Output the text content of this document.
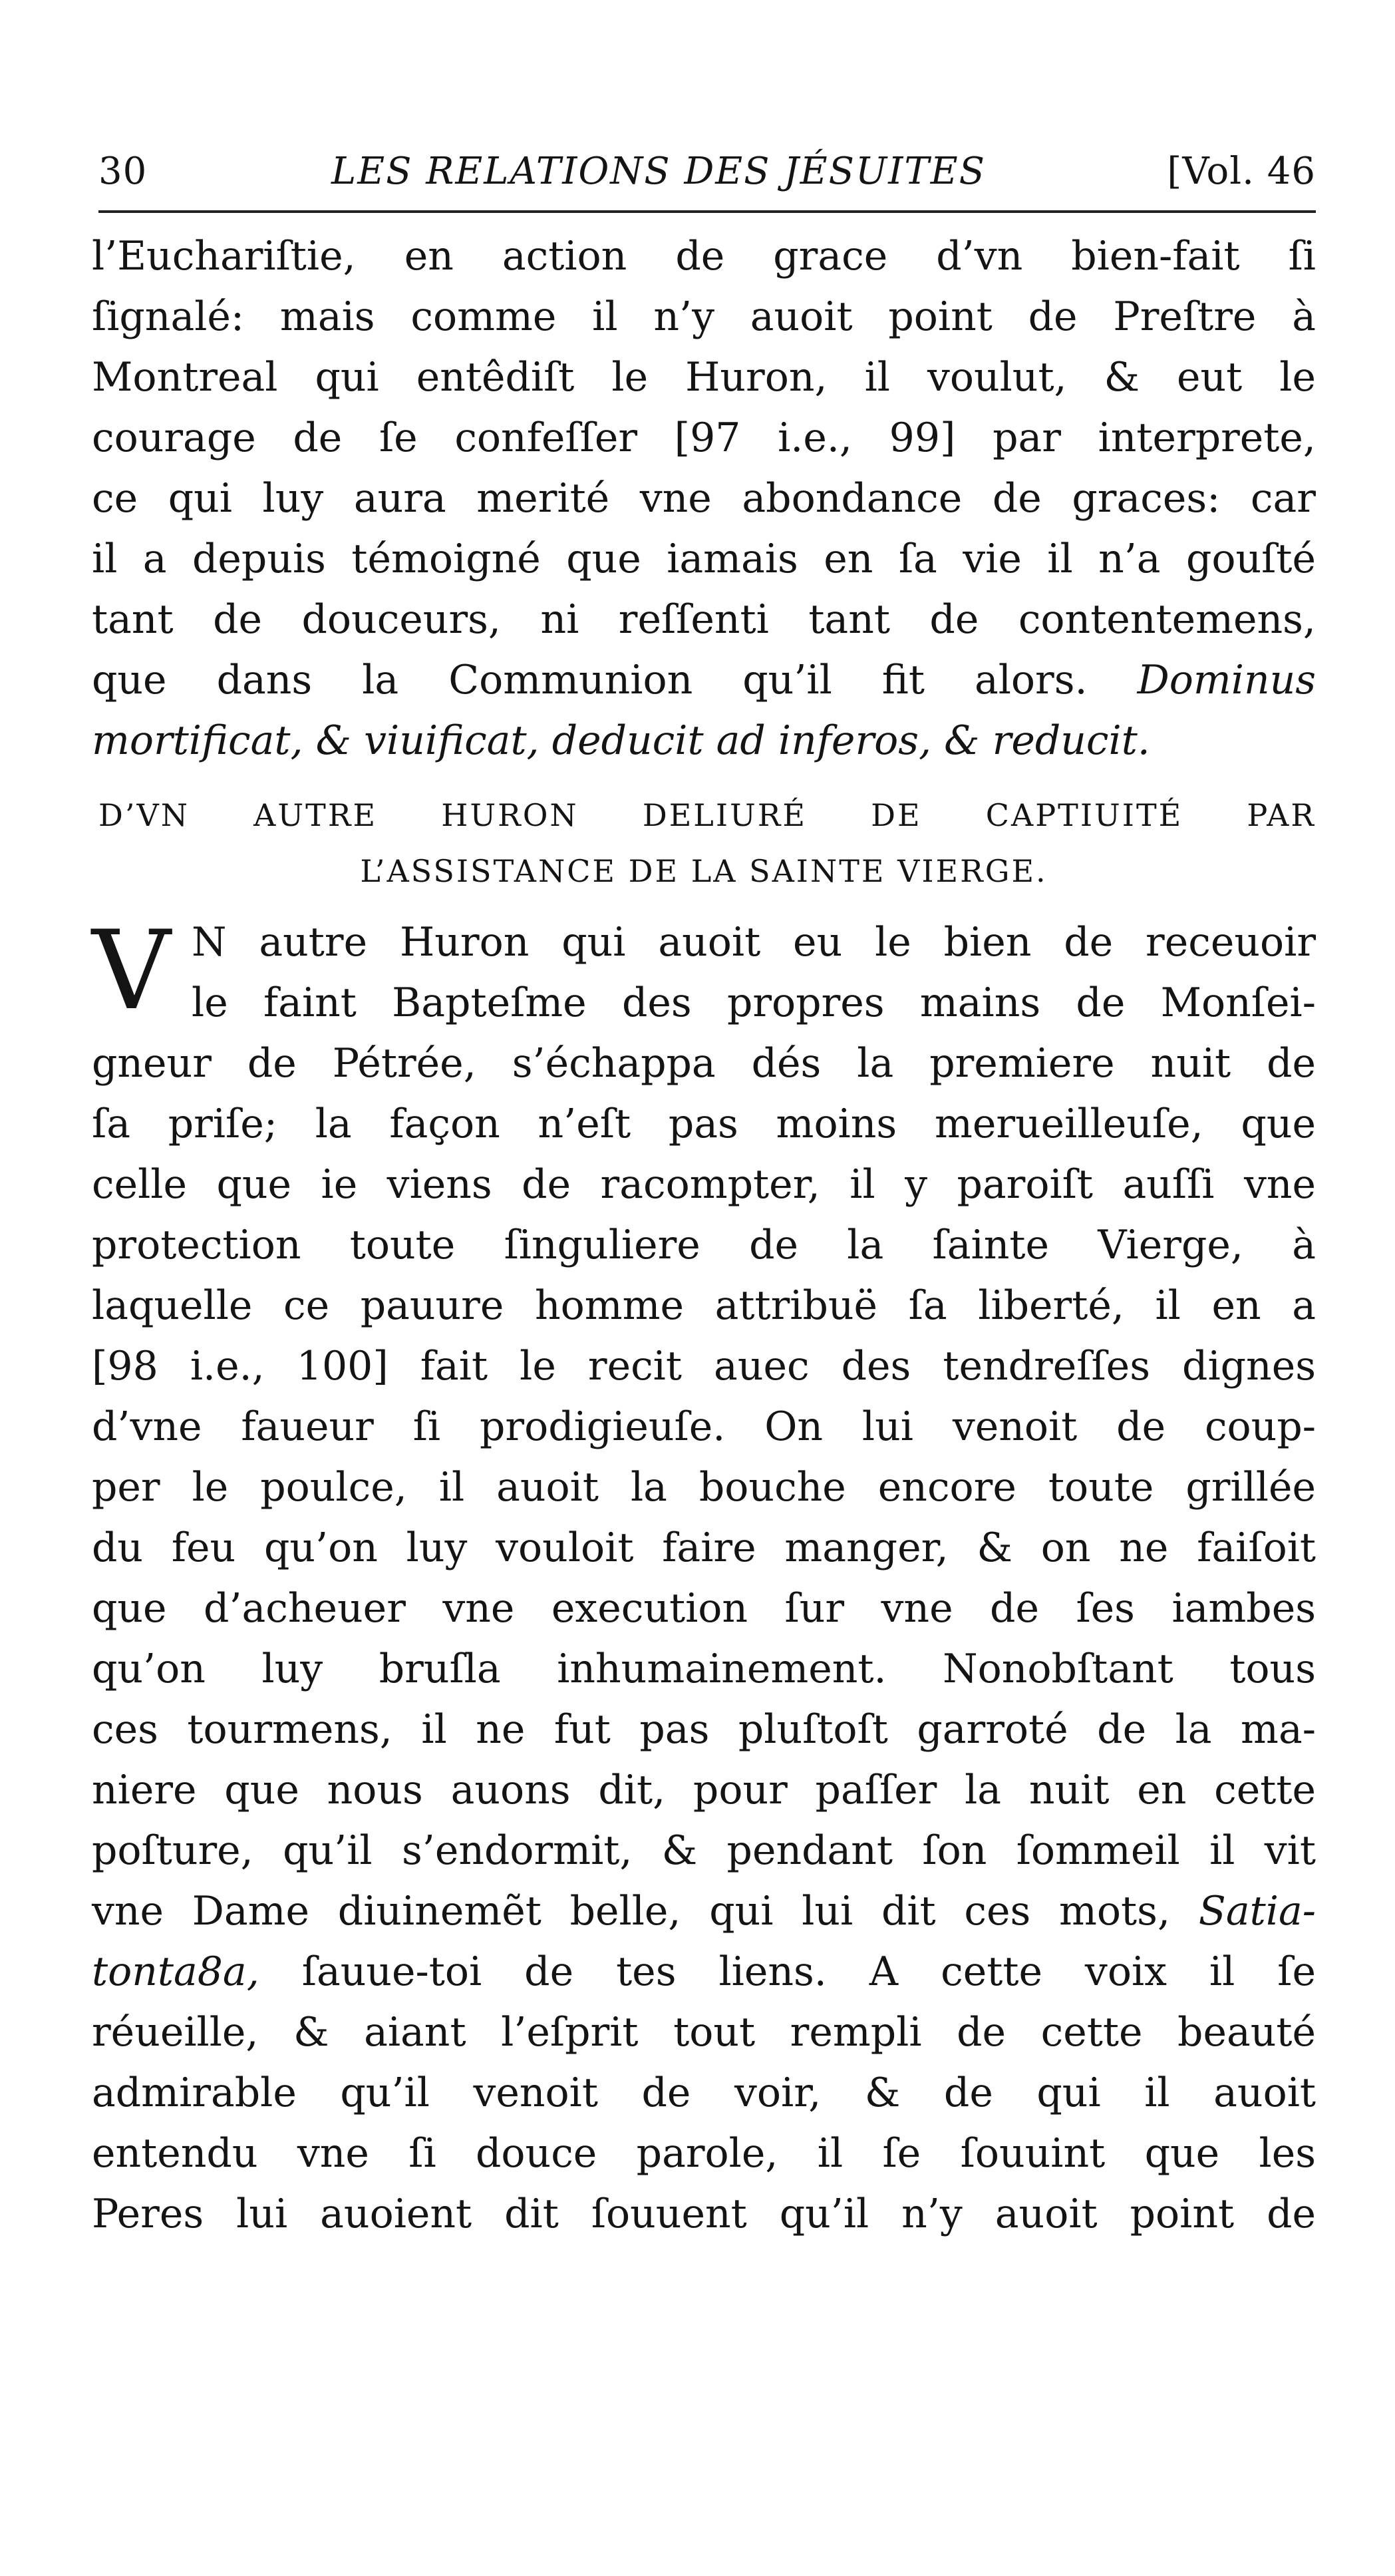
30	LES RELATIONS DES JÉSUITES	[Vol. 46
l’Euchariſtie, en action de grace d’vn bien-fait ſi
ſignalé: mais comme il n’y auoit point de Preſtre à
Montreal qui entêdiſt le Huron, il voulut, & eut le
courage de ſe confeſſer [97 i.e., 99] par interprete,
ce qui luy aura merité vne abondance de graces: car
il a depuis témoigné que iamais en ſa vie il n’a gouſté
tant de douceurs, ni reſſenti tant de contentemens,
que dans la Communion qu’il fit alors. Dominus
mortificat, & viuificat, deducit ad inferos, & reducit.
D’VN AUTRE HURON DELIURÉ DE CAPTIUITÉ PAR
L’ASSISTANCE DE LA SAINTE VIERGE.
V N autre Huron qui auoit eu le bien de receuoir
le faint Bapteſme des propres mains de Monſei-
gneur de Pétrée, s’échappa dés la premiere nuit de
ſa priſe; la façon n’eſt pas moins merueilleuſe, que
celle que ie viens de racompter, il y paroiſt auſſi vne
protection toute ſinguliere de la ſainte Vierge, à
laquelle ce pauure homme attribuë ſa liberté, il en a
[98 i.e., 100] fait le recit auec des tendreſſes dignes
d’vne faueur ſi prodigieuſe. On lui venoit de coup-
per le poulce, il auoit la bouche encore toute grillée
du feu qu’on luy vouloit faire manger, & on ne faiſoit
que d’acheuer vne execution ſur vne de ſes iambes
qu’on luy bruſla inhumainement. Nonobſtant tous
ces tourmens, il ne fut pas pluſtoſt garroté de la ma-
niere que nous auons dit, pour paſſer la nuit en cette
poſture, qu’il s’endormit, & pendant ſon ſommeil il vit
vne Dame diuinemẽt belle, qui lui dit ces mots, Satia-
tonta8a, ſauue-toi de tes liens. A cette voix il ſe
réueille, & aiant l’eſprit tout rempli de cette beauté
admirable qu’il venoit de voir, & de qui il auoit
entendu vne ſi douce parole, il ſe ſouuint que les
Peres lui auoient dit ſouuent qu’il n’y auoit point de
